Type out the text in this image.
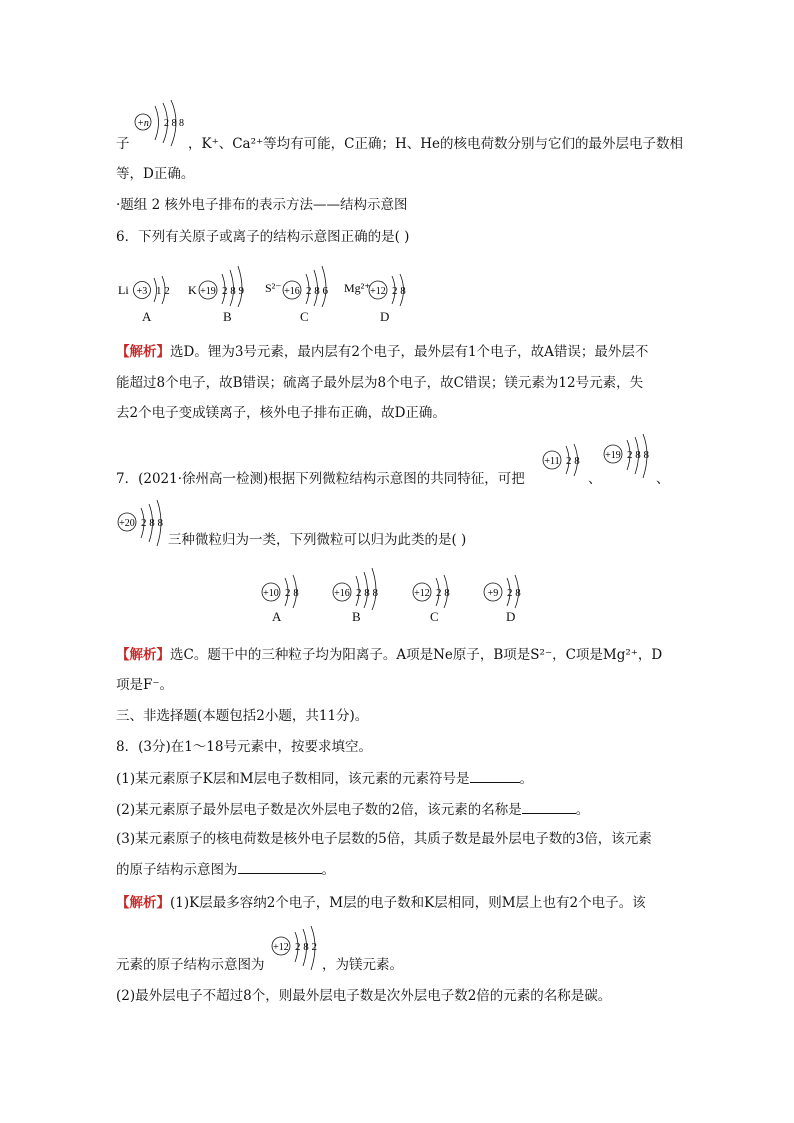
子
+n 2 8 8
，K⁺、Ca²⁺等均有可能，C正确；H、He的核电荷数分别与它们的最外层电子数相
等，D正确。
·题组 2 核外电子排布的表示方法——结构示意图
6．下列有关原子或离子的结构示意图正确的是( )
Li +3 1 2 K +19 2 8 9 S²⁻ +16 2 8 6 Mg²⁺ +12 2 8
A	B	C	D
【解析】选D。锂为3号元素，最内层有2个电子，最外层有1个电子，故A错误；最外层不
能超过8个电子，故B错误；硫离子最外层为8个电子，故C错误；镁元素为12号元素，失
去2个电子变成镁离子，核外电子排布正确，故D正确。
7．(2021·徐州高一检测)根据下列微粒结构示意图的共同特征，可把
+11 2 8
、
+19 2 8 8
、
+20 2 8 8
三种微粒归为一类，下列微粒可以归为此类的是( )
+10 2 8	+16 2 8 8	+12 2 8	+9 2 8
A	B	C	D
【解析】选C。题干中的三种粒子均为阳离子。A项是Ne原子，B项是S²⁻，C项是Mg²⁺，D
项是F⁻。
三、非选择题(本题包括2小题，共11分)。
8．(3分)在1～18号元素中，按要求填空。
(1)某元素原子K层和M层电子数相同，该元素的元素符号是	。
(2)某元素原子最外层电子数是次外层电子数的2倍，该元素的名称是	。
(3)某元素原子的核电荷数是核外电子层数的5倍，其质子数是最外层电子数的3倍，该元素
的原子结构示意图为	。
【解析】(1)K层最多容纳2个电子，M层的电子数和K层相同，则M层上也有2个电子。该
元素的原子结构示意图为
+12 2 8 2
，为镁元素。
(2)最外层电子不超过8个，则最外层电子数是次外层电子数2倍的元素的名称是碳。
